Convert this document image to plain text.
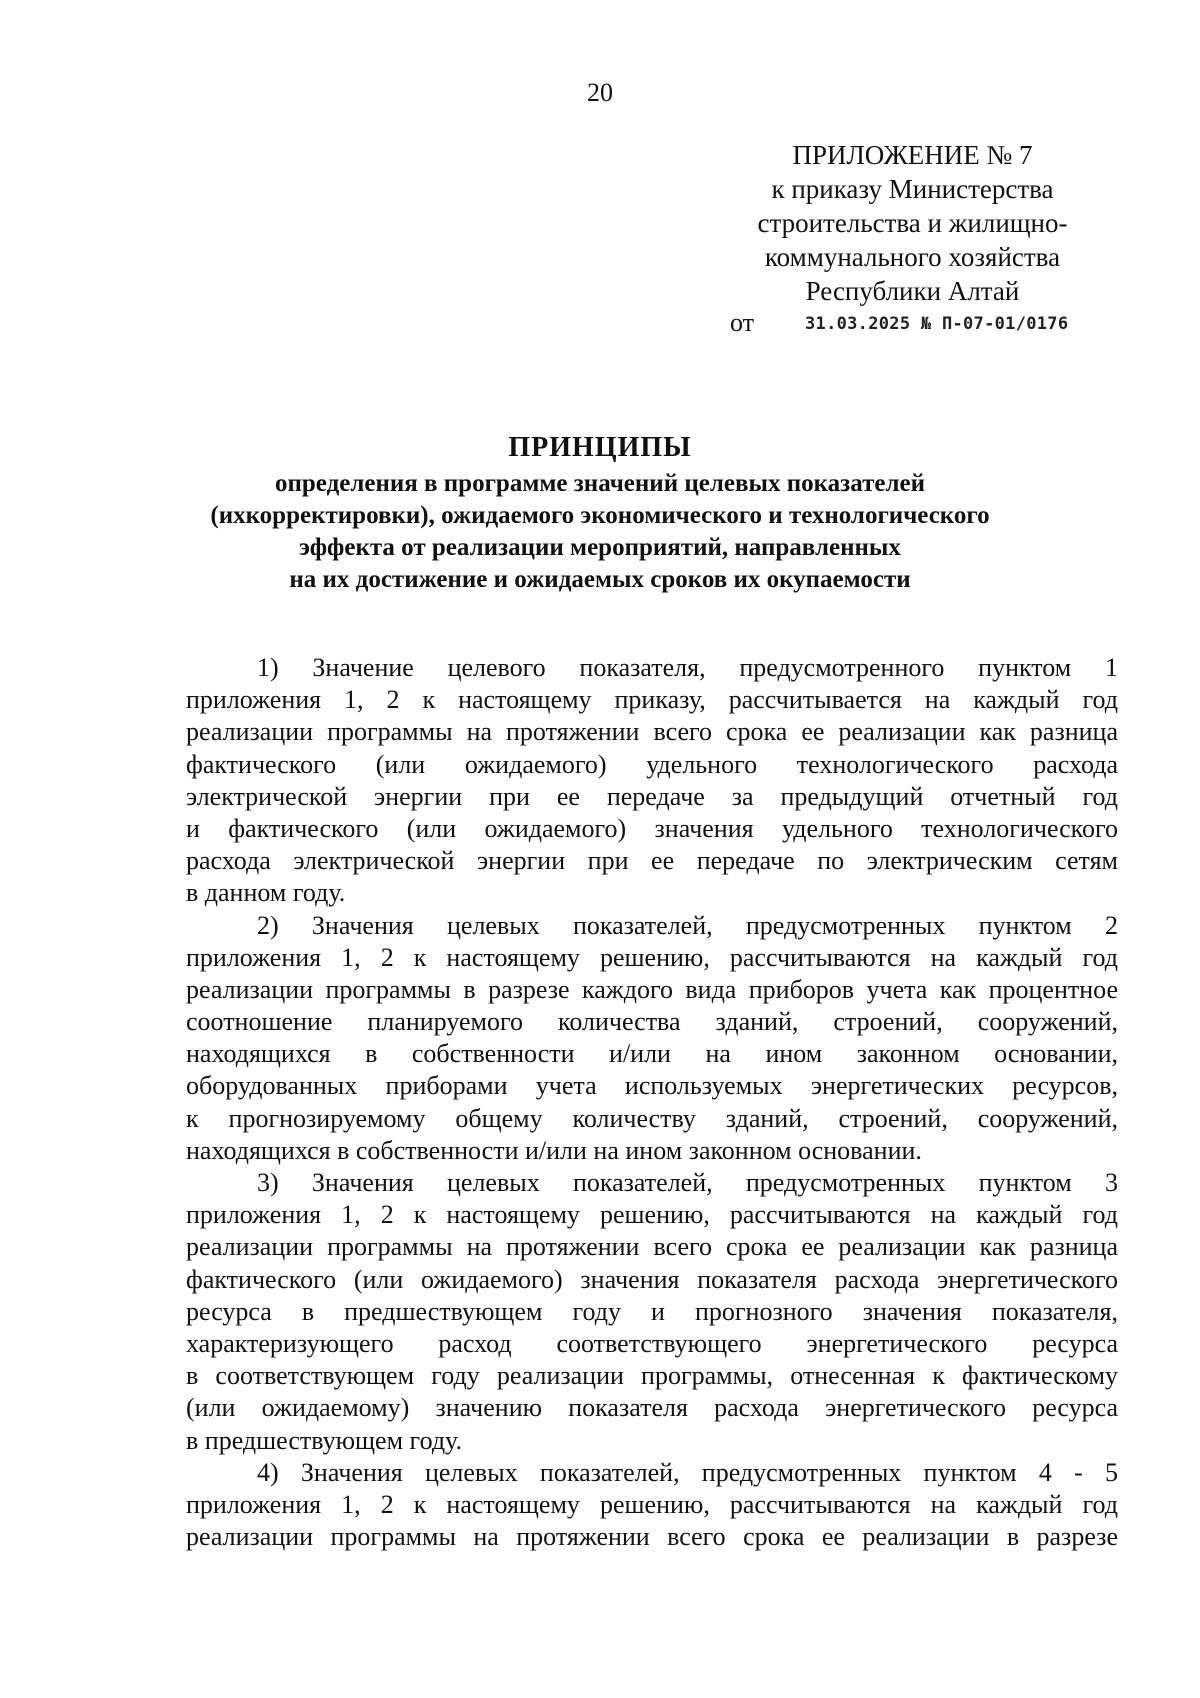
20
ПРИЛОЖЕНИЕ № 7
к приказу Министерства
строительства и жилищно-
коммунального хозяйства
Республики Алтай
от	31.03.2025 № П-07-01/0176
ПРИНЦИПЫ
определения в программе значений целевых показателей
(ихкорректировки), ожидаемого экономического и технологического
эффекта от реализации мероприятий, направленных
на их достижение и ожидаемых сроков их окупаемости
1) Значение целевого показателя, предусмотренного пунктом 1
приложения 1, 2 к настоящему приказу, рассчитывается на каждый год
реализации программы на протяжении всего срока ее реализации как разница
фактического (или ожидаемого) удельного технологического расхода
электрической энергии при ее передаче за предыдущий отчетный год
и фактического (или ожидаемого) значения удельного технологического
расхода электрической энергии при ее передаче по электрическим сетям
в данном году.
2) Значения целевых показателей, предусмотренных пунктом 2
приложения 1, 2 к настоящему решению, рассчитываются на каждый год
реализации программы в разрезе каждого вида приборов учета как процентное
соотношение планируемого количества зданий, строений, сооружений,
находящихся в собственности и/или на ином законном основании,
оборудованных приборами учета используемых энергетических ресурсов,
к прогнозируемому общему количеству зданий, строений, сооружений,
находящихся в собственности и/или на ином законном основании.
3) Значения целевых показателей, предусмотренных пунктом 3
приложения 1, 2 к настоящему решению, рассчитываются на каждый год
реализации программы на протяжении всего срока ее реализации как разница
фактического (или ожидаемого) значения показателя расхода энергетического
ресурса в предшествующем году и прогнозного значения показателя,
характеризующего расход соответствующего энергетического ресурса
в соответствующем году реализации программы, отнесенная к фактическому
(или ожидаемому) значению показателя расхода энергетического ресурса
в предшествующем году.
4) Значения целевых показателей, предусмотренных пунктом 4 - 5
приложения 1, 2 к настоящему решению, рассчитываются на каждый год
реализации программы на протяжении всего срока ее реализации в разрезе
